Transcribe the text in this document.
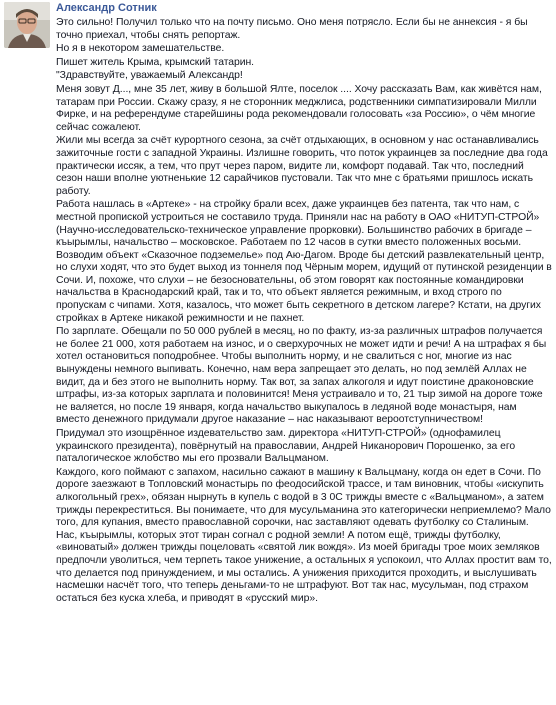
Александр Сотник

Это сильно! Получил только что на почту письмо. Оно меня потрясло. Если бы не аннексия - я бы точно приехал, чтобы снять репортаж.

Но я в некотором замешательстве.

Пишет житель Крыма, крымский татарин.

"Здравствуйте, уважаемый Александр!

Меня зовут Д..., мне 35 лет, живу в большой Ялте, поселок .... Хочу рассказать Вам, как живётся нам, татарам при России. Скажу сразу, я не сторонник меджлиса, родственники симпатизировали Милли Фирке, и на референдуме старейшины рода рекомендовали голосовать «за Россию», о чём многие сейчас сожалеют.

Жили мы всегда за счёт курортного сезона, за счёт отдыхающих, в основном у нас останавливались зажиточные гости с западной Украины. Излишне говорить, что поток украинцев за последние два года практически иссяк, а тем, что прут через паром, видите ли, комфорт подавай. Так что, последний сезон наши вполне уютненькие 12 сарайчиков пустовали. Так что мне с братьями пришлось искать работу.

Работа нашлась в «Артеке» - на стройку брали всех, даже украинцев без патента, так что нам, с местной пропиской устроиться не составило труда. Приняли нас на работу в ОАО «НИТУП-СТРОЙ» (Научно-исследовательско-техническое управление прорковки). Большинство рабочих в бригаде – къырымлы, начальство – московское. Работаем по 12 часов в сутки вместо положенных восьми. Возводим объект «Сказочное подземелье» под Аю-Дагом. Вроде бы детский развлекательный центр, но слухи ходят, что это будет выход из тоннеля под Чёрным морем, идущий от путинской резиденции в Сочи. И, похоже, что слухи – не безосновательны, об этом говорят как постоянные командировки начальства в Краснодарский край, так и то, что объект является режимным, и вход строго по пропускам с чипами. Хотя, казалось, что может быть секретного в детском лагере? Кстати, на других стройках в Артеке никакой режимности и не пахнет.

По зарплате. Обещали по 50 000 рублей в месяц, но по факту, из-за различных штрафов получается не более 21 000, хотя работаем на износ, и о сверхурочных не может идти и речи! А на штрафах я бы хотел остановиться поподробнее. Чтобы выполнить норму, и не свалиться с ног, многие из нас вынуждены немного выпивать. Конечно, нам вера запрещает это делать, но под землёй Аллах не видит, да и без этого не выполнить норму. Так вот, за запах алкоголя и идут поистине драконовские штрафы, из-за которых зарплата и половинится! Меня устраивало и то, 21 тыр зимой на дороге тоже не валяется, но после 19 января, когда начальство выкупалось в ледяной воде монастыря, нам вместо денежного придумали другое наказание – нас наказывают вероотступничеством!

Придумал это изощрённое издевательство зам. директора «НИТУП-СТРОЙ» (однофамилец украинского президента), повёрнутый на православии, Андрей Никанорович Порошенко, за его паталогическое жлобство мы его прозвали Вальцманом.

Каждого, кого поймают с запахом, насильно сажают в машину к Вальцману, когда он едет в Сочи. По дороге заезжают в Топловский монастырь по феодосийской трассе, и там виновник, чтобы «искупить алкогольный грех», обязан нырнуть в купель с водой в 3 0С трижды вместе с «Вальцманом», а затем трижды перекреститься. Вы понимаете, что для мусульманина это категорически неприемлемо? Мало того, для купания, вместо православной сорочки, нас заставляют одевать футболку со Сталиным. Нас, къырымлы, которых этот тиран согнал с родной земли! А потом ещё, трижды футболку, «виноватый» должен трижды поцеловать «святой лик вождя». Из моей бригады трое моих земляков предпочли уволиться, чем терпеть такое унижение, а остальных я успокоил, что Аллах простит вам то, что делается под принуждением, и мы остались. А унижения приходится проходить, и выслушивать насмешки насчёт того, что теперь деньгами-то не штрафуют. Вот так нас, мусульман, под страхом остаться без куска хлеба, и приводят в «русский мир».
